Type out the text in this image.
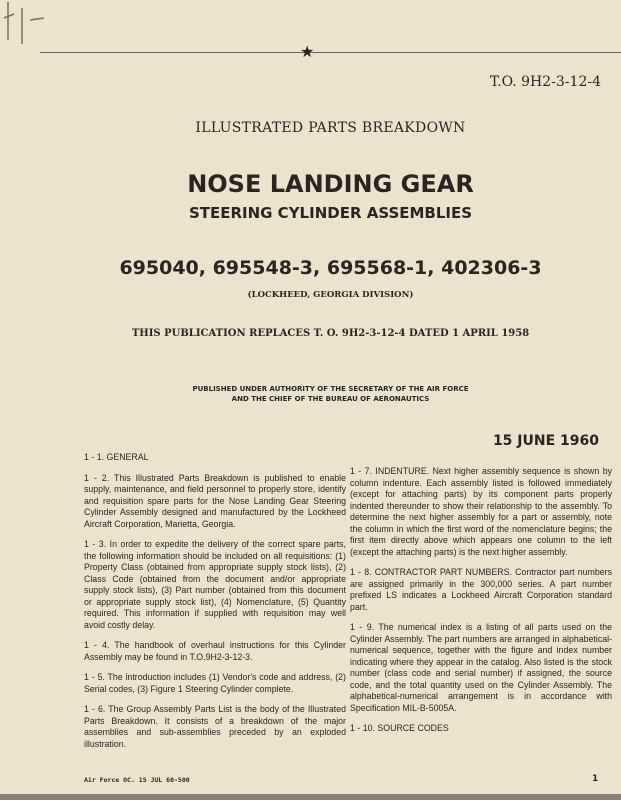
★
T.O. 9H2-3-12-4
ILLUSTRATED PARTS BREAKDOWN
NOSE LANDING GEAR
STEERING CYLINDER ASSEMBLIES
695040, 695548-3, 695568-1, 402306-3
(LOCKHEED, GEORGIA DIVISION)
THIS PUBLICATION REPLACES T. O. 9H2-3-12-4 DATED 1 APRIL 1958
PUBLISHED UNDER AUTHORITY OF THE SECRETARY OF THE AIR FORCE
AND THE CHIEF OF THE BUREAU OF AERONAUTICS
15 JUNE 1960

1 - 1. GENERAL

1 - 2. This Illustrated Parts Breakdown is published to enable supply, maintenance, and field personnel to properly store, identify and requisition spare parts for the Nose Landing Gear Steering Cylinder Assembly designed and manufactured by the Lockheed Aircraft Corporation, Marietta, Georgia.

1 - 3. In order to expedite the delivery of the correct spare parts, the following information should be included on all requisitions: (1) Property Class (obtained from appropriate supply stock lists), (2) Class Code (obtained from the document and/or appropriate supply stock lists), (3) Part number (obtained from this document or appropriate supply stock list), (4) Nomenclature, (5) Quantity required. This information if supplied with requisition may well avoid costly delay.

1 - 4. The handbook of overhaul instructions for this Cylinder Assembly may be found in T.O.9H2-3-12-3.

1 - 5. The introduction includes (1) Vendor's code and address, (2) Serial codes, (3) Figure 1 Steering Cylinder complete.

1 - 6. The Group Assembly Parts List is the body of the Illustrated Parts Breakdown. It consists of a breakdown of the major assemblies and sub-assemblies preceded by an exploded illustration.

1 - 7. INDENTURE. Next higher assembly sequence is shown by column indenture. Each assembly listed is followed immediately (except for attaching parts) by its component parts properly indented thereunder to show their relationship to the assembly. To determine the next higher assembly for a part or assembly, note the column in which the first word of the nomenclature begins; the first item directly above which appears one column to the left (except the attaching parts) is the next higher assembly.

1 - 8. CONTRACTOR PART NUMBERS. Contractor part numbers are assigned primarily in the 300,000 series. A part number prefixed LS indicates a Lockheed Aircraft Corporation standard part.

1 - 9. The numerical index is a listing of all parts used on the Cylinder Assembly. The part numbers are arranged in alphabetical-numerical sequence, together with the figure and index number indicating where they appear in the catalog. Also listed is the stock number (class code and serial number) if assigned, the source code, and the total quantity used on the Cylinder Assembly. The alphabetical-numerical arrangement is in accordance with Specification MIL-B-5005A.

1 - 10. SOURCE CODES

Air Force OC. 15 JUL 60-500	1
